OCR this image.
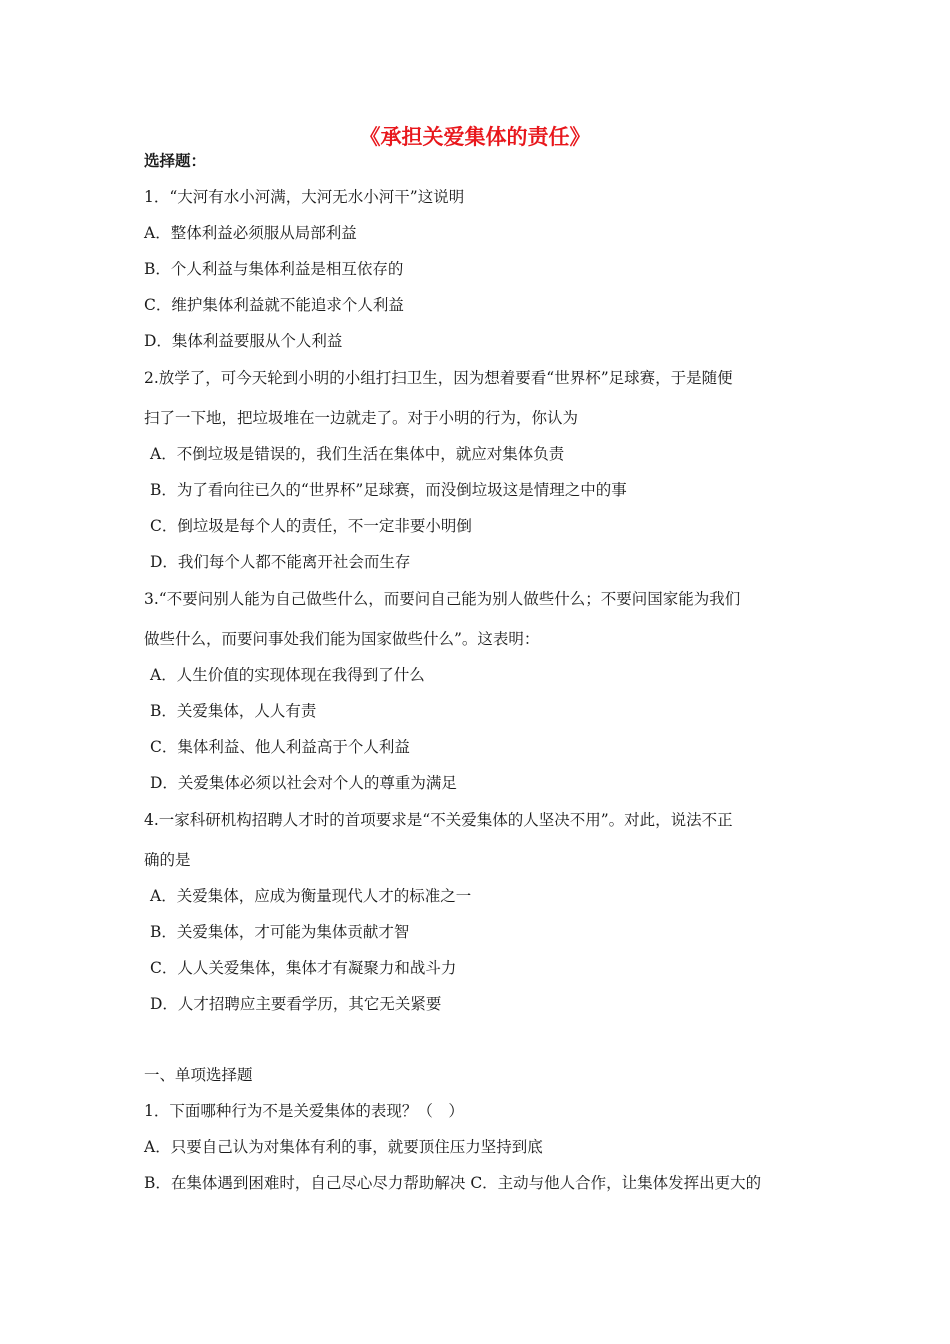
《承担关爱集体的责任》
选择题：
1．“大河有水小河满，大河无水小河干”这说明
A．整体利益必须服从局部利益
B．个人利益与集体利益是相互依存的
C．维护集体利益就不能追求个人利益
D．集体利益要服从个人利益
2.放学了，可今天轮到小明的小组打扫卫生，因为想着要看“世界杯”足球赛，于是随便
扫了一下地，把垃圾堆在一边就走了。对于小明的行为，你认为
A．不倒垃圾是错误的，我们生活在集体中，就应对集体负责
B．为了看向往已久的“世界杯”足球赛，而没倒垃圾这是情理之中的事
C．倒垃圾是每个人的责任，不一定非要小明倒
D．我们每个人都不能离开社会而生存
3.“不要问别人能为自己做些什么，而要问自己能为别人做些什么；不要问国家能为我们
做些什么，而要问事处我们能为国家做些什么”。这表明：
A．人生价值的实现体现在我得到了什么
B．关爱集体，人人有责
C．集体利益、他人利益高于个人利益
D．关爱集体必须以社会对个人的尊重为满足
4.一家科研机构招聘人才时的首项要求是“不关爱集体的人坚决不用”。对此，说法不正
确的是
A．关爱集体，应成为衡量现代人才的标准之一
B．关爱集体，才可能为集体贡献才智
C．人人关爱集体，集体才有凝聚力和战斗力
D．人才招聘应主要看学历，其它无关紧要
一、单项选择题
1．下面哪种行为不是关爱集体的表现？（　）
A．只要自己认为对集体有利的事，就要顶住压力坚持到底
B．在集体遇到困难时，自己尽心尽力帮助解决 C．主动与他人合作，让集体发挥出更大的
